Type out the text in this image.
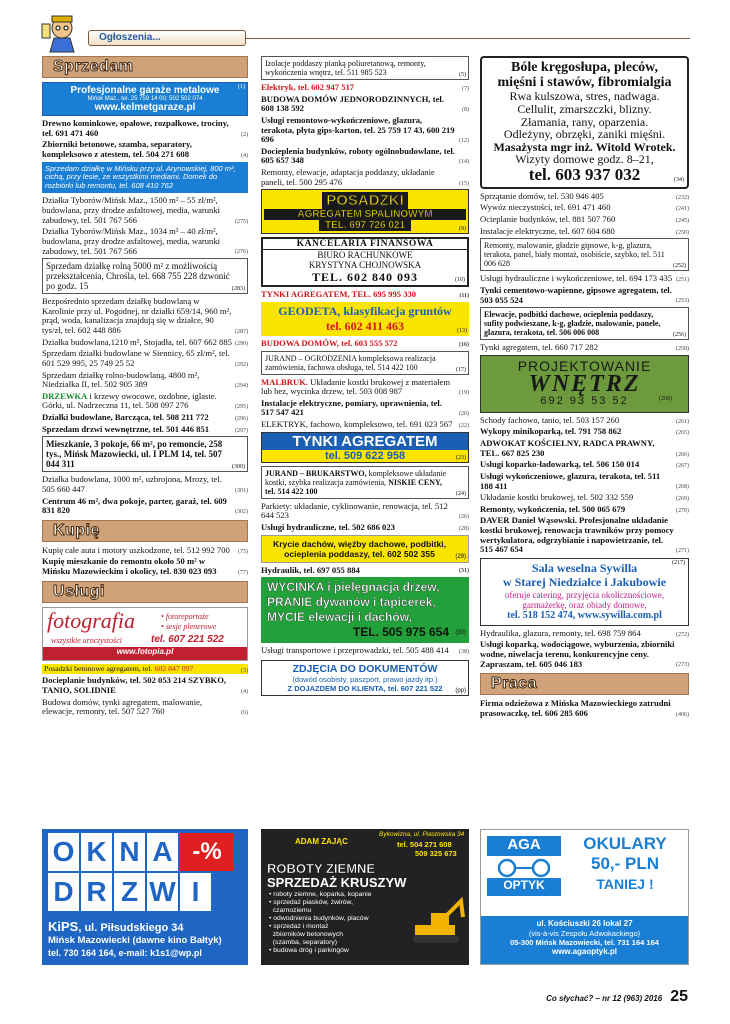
Ogłoszenia...
Sprzedam
Profesjonalne garaże metalowe
Mińsk Maz., tel. 25 759 14 00; 502 502 074
www.kelmetgaraze.pl
(1)
Drewno kominkowe, opałowe, rozpałkowe, trociny, tel. 691 471 460	(2)
Zbiorniki betonowe, szamba, separatory, kompleksowo z atestem, tel. 504 271 608	(4)
Sprzedam działkę w Mińsku przy ul. Arynowskiej, 800 m², cichą, przy lesie, ze wszystkimi mediami. Domek do rozbiórki lub remontu, tel. 608 410 762
Działka Tyborów/Mińsk Maz., 1500 m² – 55 zł/m², budowlana, przy drodze asfaltowej, media, warunki zabudowy, tel. 501 767 566	(275)
Działka Tyborów/Mińsk Maz., 1034 m² – 40 zł/m², budowlana, przy drodze asfaltowej, media, warunki zabudowy, tel. 501 767 566	(276)
Sprzedam działkę rolną 5000 m² z możliwością przekształcenia, Chrośla, tel. 668 755 228 dzwonić po godz. 15	(283)
Bezpośrednio sprzedam działkę budowlaną w Karolinie przy ul. Pogodnej, nr działki 659/14, 960 m², prąd, woda, kanalizacja znajdują się w działce, 90 tys/zł, tel. 602 448 886	(287)
Działka budowlana,1210 m², Stojadła, tel. 607 662 885 (290)
Sprzedam działki budowlane w Siennicy, 65 zł/m², tel. 601 529 995, 25 749 25 52	(292)
Sprzedam działkę rolno-budowlaną, 4800 m², Niedziałka II, tel. 502 905 389	(294)
DRZEWKA i krzewy owocowe, ozdobne, iglaste. Górki, ul. Nadrzeczna 11, tel. 508 097 276	(295)
Działki budowlane, Barcząca, tel. 508 211 772	(296)
Sprzedam drzwi wewnętrzne, tel. 501 446 851	(297)
Mieszkanie, 3 pokoje, 66 m², po remoncie, 258 tys., Mińsk Mazowiecki, ul. I PLM 14, tel. 507 044 311	(300)
Działka budowlana, 1000 m², uzbrojona, Mrozy, tel. 505 660 447	(301)
Centrum 46 m², dwa pokoje, parter, garaż, tel. 609 831 820	(302)
Kupię
Kupię całe auta i motory uszkodzone, tel. 512 992 700 (75)
Kupię mieszkanie do remontu około 50 m² w Mińsku Mazowieckim i okolicy, tel. 830 023 093	(77)
Usługi
fotografia	• fotoreportaże
• sesje plenerowe
wszystkie uroczystości	tel. 607 221 522
www.fotopia.pl
Posadzki betonowe agregatem, tel. 602 847 097	(3)
Docieplanie budynków, tel. 502 053 214 SZYBKO, TANIO, SOLIDNIE	(4)
Budowa domów, tynki agregatem, malowanie, elewacje, remonty, tel. 507 527 760	(6)
Izolacje poddaszy pianką poliuretanową, remonty, wykończenia wnętrz, tel. 511 985 523	(5)
Elektryk, tel. 602 947 517	(7)
BUDOWA DOMÓW JEDNORODZINNYCH, tel. 608 138 592	(8)
Usługi remontowo-wykończeniowe, glazura, terakota, płyta gips-karton, tel. 25 759 17 43, 600 219 696	(12)
Docieplenia budynków, roboty ogólnobudowlane, tel. 605 657 348	(14)
Remonty, elewacje, adaptacja poddaszy, układanie paneli, tel. 500 295 476	(15)
POSADZKI
AGREGATEM SPALINOWYM
TEL. 697 726 021	(9)
KANCELARIA FINANSOWA
BIURO RACHUNKOWE
KRYSTYNA CHOJNOWSKA
TEL. 602 840 093	(10)
TYNKI AGREGATEM, TEL. 695 995 330	(11)
GEODETA, klasyfikacja gruntów
tel. 602 411 463	(13)
BUDOWA DOMÓW, tel. 603 555 572	(16)
JURAND – OGRODZENIA kompleksowa realizacja zamówienia, fachowa obsługa, tel. 514 422 100	(17)
MALBRUK. Układanie kostki brukowej z materiałem lub bez, wycinka drzew, tel. 503 008 987	(19)
Instalacje elektryczne, pomiary, uprawnienia, tel. 517 547 421	(20)
ELEKTRYK, fachowo, kompleksowo, tel. 691 023 567 (22)
TYNKI AGREGATEM
tel. 509 622 958	(23)
JURAND – BRUKARSTWO, kompleksowe układanie kostki, szybka realizacja zamówienia, NISKIE CENY, tel. 514 422 100	(24)
Parkiety: układanie, cyklinowanie, renowacja, tel. 512 644 523	(26)
Usługi hydrauliczne, tel. 502 686 023	(28)
Krycie dachów, więźby dachowe, podbitki, ocieplenia poddaszy, tel. 602 502 355	(29)
Hydraulik, tel. 697 055 884	(31)
WYCINKA i pielęgnacja drzew,
PRANIE dywanów i tapicerek,
MYCIE elewacji i dachów,
TEL. 505 975 654	(30)
Usługi transportowe i przeprowadzki, tel. 505 488 414 (38)
ZDJĘCIA DO DOKUMENTÓW
(dowód osobisty, paszport, prawo jazdy itp.)
Z DOJAZDEM DO KLIENTA, tel. 607 221 522	(pp)
Bóle kręgosłupa, pleców,
mięśni i stawów, fibromialgia
Rwa kulszowa, stres, nadwaga.
Cellulit, zmarszczki, blizny.
Złamania, rany, oparzenia.
Odleżyny, obrzęki, zaniki mięśni.
Masażysta mgr inż. Witold Wrotek.
Wizyty domowe godz. 8–21,
tel. 603 937 032	(34)
Sprzątanie domów, tel. 530 946 405	(232)
Wywóz nieczystości, tel. 691 471 460	(241)
Ocieplanie budynków, tel. 881 507 760	(245)
Instalacje elektryczne, tel. 607 604 680	(250)
Remonty, malowanie, gładzie gipsowe, k-g, glazura, terakota, panel, biały montaż, osobiście, szybko, tel. 511 006 628	(252)
Usługi hydrauliczne i wykończeniowe, tel. 694 173 435 (251)
Tynki cementowo-wapienne, gipsowe agregatem, tel. 503 055 524	(253)
Elewacje, podbitki dachowe, ocieplenia poddaszy, sufity podwieszane, k-g, gładzie, malowanie, panele, glazura, terakota, tel. 506 006 008	(256)
Tynki agregatem, tel. 660 717 282	(258)
PROJEKTOWANIE
WNĘTRZ
692 93 53 52	(260)
Schody fachowo, tanio, tel. 503 157 260	(261)
Wykopy minikoparką, tel. 791 758 862	(265)
ADWOKAT KOŚCIELNY, RADCA PRAWNY, TEL. 667 825 230	(266)
Usługi koparko-ładowarką, tel. 506 150 014	(267)
Usługi wykończeniowe, glazura, terakota, tel. 511 188 411	(268)
Układanie kostki brukowej, tel. 502 332 559	(269)
Remonty, wykończenia, tel. 500 065 679	(270)
DAVER Daniel Wąsowski. Profesjonalne układanie kostki brukowej, renowacja trawników przy pomocy wertykulatora, odgrzybianie i napowietrzanie, tel. 515 467 654	(271)
Sala weselna Sywilla
w Starej Niedziałce i Jakubowie
oferuje catering, przyjęcia okolicznościowe,
garmażerkę, oraz obiady domowe,
tel. 518 152 474, www.sywilla.com.pl
(217)
Hydraulika, glazura, remonty, tel. 698 759 864	(272)
Usługi koparką, wodociągowe, wyburzenia, zbiorniki wodne, niwelacja terenu, konkurencyjne ceny. Zapraszam, tel. 605 046 183	(273)
Praca
Firma odzieżowa z Mińska Mazowieckiego zatrudni prasowaczkę, tel. 606 285 606	(406)
O K N A -%
D R Z W I
KiPS, ul. Piłsudskiego 34
Mińsk Mazowiecki (dawne kino Bałtyk)
tel. 730 164 164, e-mail: k1s1@wp.pl
ADAM ZAJĄC
Bykowizna, ul. Piastowska 34
tel. 504 271 608
509 325 673
ROBOTY ZIEMNE
SPRZEDAŻ KRUSZYW
• roboty ziemne, koparka, kopanie
• sprzedaż piasków, żwirów,
czarnoziemu
• odwodnienia budynków, placów
• sprzedaż i montaż
zbiorników betonowych
(szamba, separatory)
• budowa dróg i parkingów
AGA
OPTYK
OKULARY
50,- PLN
TANIEJ !
ul. Kościuszki 26 lokal 27
(vis-à-vis Zespołu Adwokackiego)
05-300 Mińsk Mazowiecki, tel. 731 164 164
www.agaoptyk.pl
Co słychać? – nr 12 (963) 2016 25
